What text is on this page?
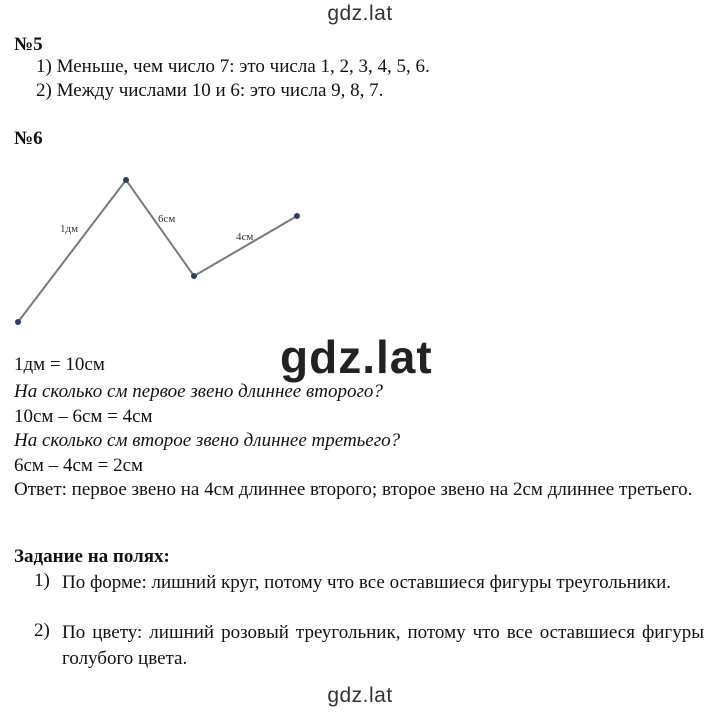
gdz.lat
gdz.lat
gdz.lat
№5
1) Меньше, чем число 7: это числа 1, 2, 3, 4, 5, 6.
2) Между числами 10 и 6: это числа 9, 8, 7.
№6
1дм
6см
4см
1дм = 10см
На сколько см первое звено длиннее второго?
10см – 6см = 4см
На сколько см второе звено длиннее третьего?
6см – 4см = 2см
Ответ: первое звено на 4см длиннее второго; второе звено на 2см длиннее третьего.
Задание на полях:
1) По форме: лишний круг, потому что все оставшиеся фигуры треугольники.
2) По цвету: лишний розовый треугольник, потому что все оставшиеся фигуры голубого цвета.
